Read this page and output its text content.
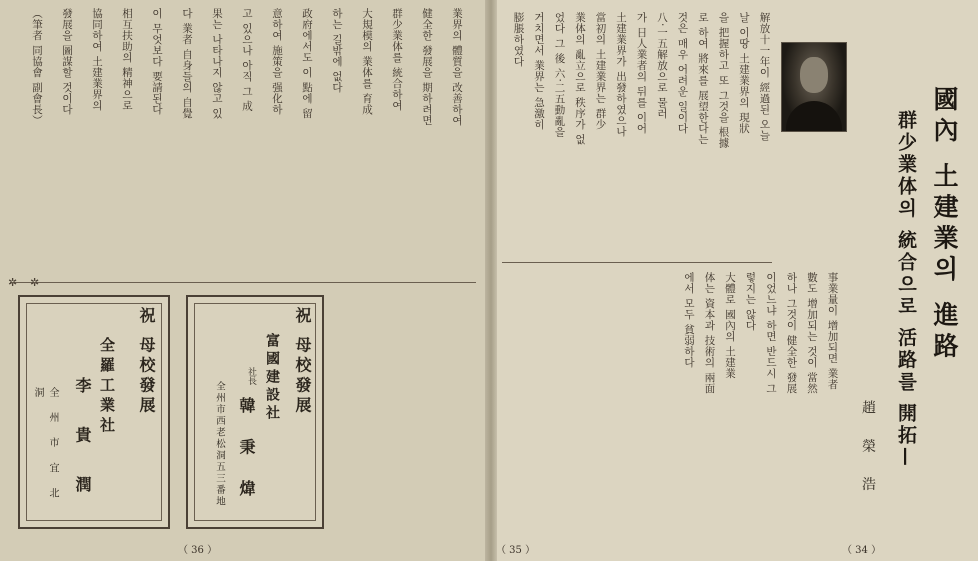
國內 土建業의 進路
群少業体의 統合으로 活路를 開拓—
趙 榮 浩
解放十一年이 經過된 오늘
날 이땅 土建業界의 現狀
을 把握하고 또 그것을 根據
로 하여 將來를 展望한다는
것은 매우 어려운 일이다
八‧一五解放으로 물러
가 日人業者의 뒤를 이어
土建業界가 出發하였으나
當初의 土建業界는 群少
業体의 亂立으로 秩序가 없
었다 그 後 六‧二五動亂을
거치면서 業界는 急激히
膨脹하였다
事業量이 增加되면 業者
數도 增加되는 것이 當然
하나 그것이 健全한 發展
이었느냐 하면 반드시 그
렇지는 않다
大體로 國內의 土建業
体는 資本과 技術의 兩面
에서 모두 貧弱하다
業界의 體質을 改善하여
健全한 發展을 期하려면
群少業体를 統合하여
大規模의 業体를 育成
하는 길밖에 없다
政府에서도 이 點에 留
意하여 施策을 强化하
고 있으나 아직 그 成
果는 나타나지 않고 있
다 業者 自身들의 自覺
이 무엇보다 要請된다
相互扶助의 精神으로
協同하여 土建業界의
發展을 圖謀할 것이다
（筆者 同協會 副會長）
✲ ✲
祝 母校發展
全羅工業社
李 貴 潤
全 州 市 宜 北 洞	祝 母校發展
富國建設社
社長
韓 秉 煒
全州市西老松洞五三番地
（ 36 ）	（ 35 ）	（ 34 ）
